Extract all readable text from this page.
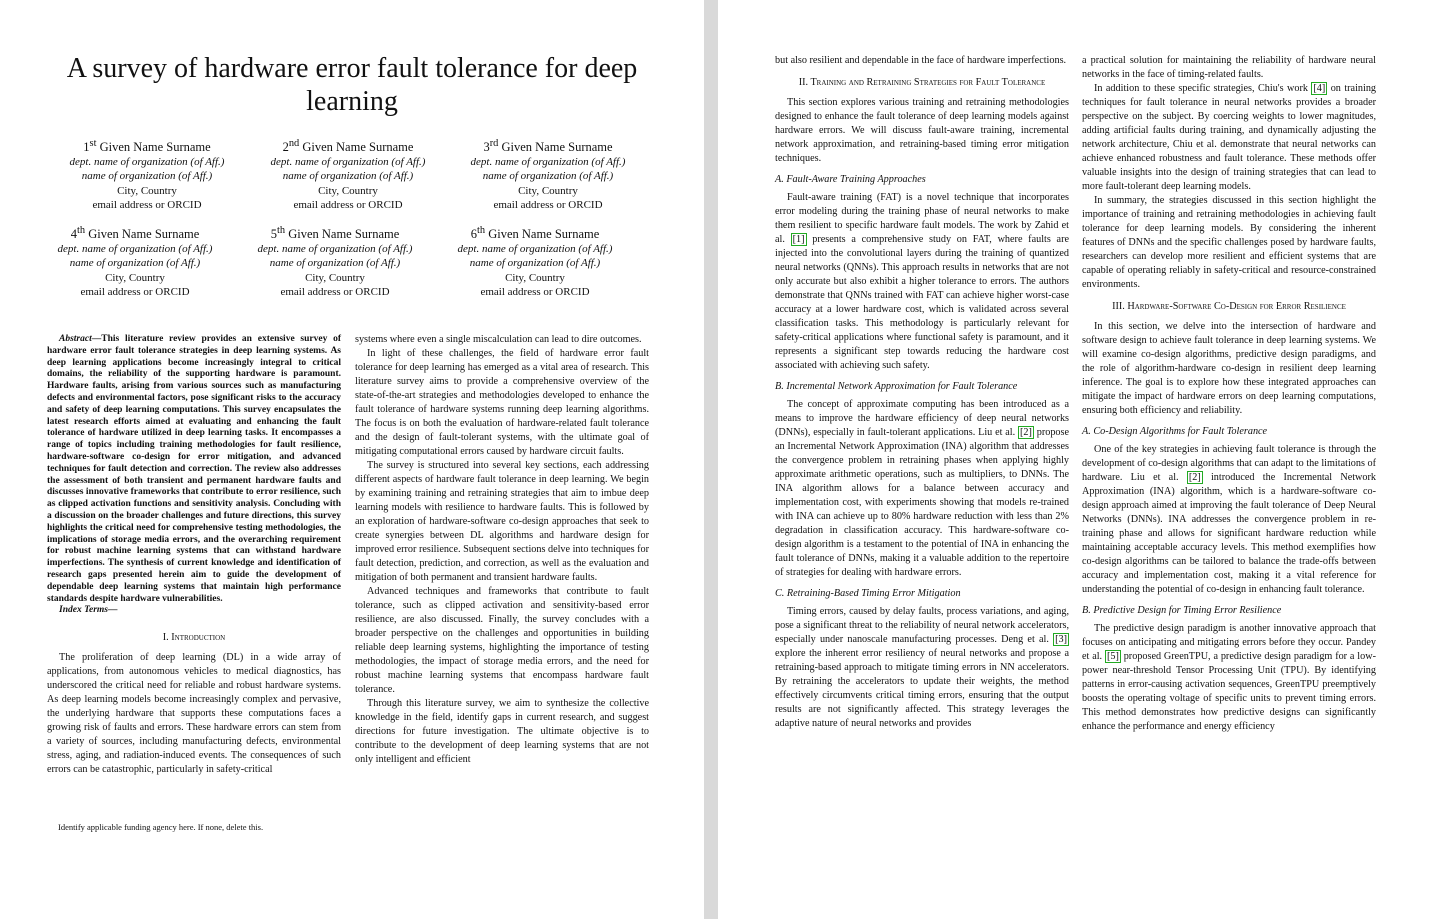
A survey of hardware error fault tolerance for deep learning
1st Given Name Surname
dept. name of organization (of Aff.)
name of organization (of Aff.)
City, Country
email address or ORCID
2nd Given Name Surname
dept. name of organization (of Aff.)
name of organization (of Aff.)
City, Country
email address or ORCID
3rd Given Name Surname
dept. name of organization (of Aff.)
name of organization (of Aff.)
City, Country
email address or ORCID
4th Given Name Surname
dept. name of organization (of Aff.)
name of organization (of Aff.)
City, Country
email address or ORCID
5th Given Name Surname
dept. name of organization (of Aff.)
name of organization (of Aff.)
City, Country
email address or ORCID
6th Given Name Surname
dept. name of organization (of Aff.)
name of organization (of Aff.)
City, Country
email address or ORCID

Abstract—This literature review provides an extensive survey of hardware error fault tolerance strategies in deep learning systems. As deep learning applications become increasingly integral to critical domains, the reliability of the supporting hardware is paramount. Hardware faults, arising from various sources such as manufacturing defects and environmental factors, pose significant risks to the accuracy and safety of deep learning computations. This survey encapsulates the latest research efforts aimed at evaluating and enhancing the fault tolerance of hardware utilized in deep learning tasks. It encompasses a range of topics including training methodologies for fault resilience, hardware-software co-design for error mitigation, and advanced techniques for fault detection and correction. The review also addresses the assessment of both transient and permanent hardware faults and discusses innovative frameworks that contribute to error resilience, such as clipped activation functions and sensitivity analysis. Concluding with a discussion on the broader challenges and future directions, this survey highlights the critical need for comprehensive testing methodologies, the implications of storage media errors, and the overarching requirement for robust machine learning systems that can withstand hardware imperfections. The synthesis of current knowledge and identification of research gaps presented herein aim to guide the development of dependable deep learning systems that maintain high performance standards despite hardware vulnerabilities.

Index Terms—

I. Introduction

The proliferation of deep learning (DL) in a wide array of applications, from autonomous vehicles to medical diagnostics, has underscored the critical need for reliable and robust hardware systems. As deep learning models become increasingly complex and pervasive, the underlying hardware that supports these computations faces a growing risk of faults and errors. These hardware errors can stem from a variety of sources, including manufacturing defects, environmental stress, aging, and radiation-induced events. The consequences of such errors can be catastrophic, particularly in safety-critical

Identify applicable funding agency here. If none, delete this.

systems where even a single miscalculation can lead to dire outcomes.

In light of these challenges, the field of hardware error fault tolerance for deep learning has emerged as a vital area of research. This literature survey aims to provide a comprehensive overview of the state-of-the-art strategies and methodologies developed to enhance the fault tolerance of hardware systems running deep learning algorithms. The focus is on both the evaluation of hardware-related fault tolerance and the design of fault-tolerant systems, with the ultimate goal of mitigating computational errors caused by hardware circuit faults.

The survey is structured into several key sections, each addressing different aspects of hardware fault tolerance in deep learning. We begin by examining training and retraining strategies that aim to imbue deep learning models with resilience to hardware faults. This is followed by an exploration of hardware-software co-design approaches that seek to create synergies between DL algorithms and hardware design for improved error resilience. Subsequent sections delve into techniques for fault detection, prediction, and correction, as well as the evaluation and mitigation of both permanent and transient hardware faults.

Advanced techniques and frameworks that contribute to fault tolerance, such as clipped activation and sensitivity-based error resilience, are also discussed. Finally, the survey concludes with a broader perspective on the challenges and opportunities in building reliable deep learning systems, highlighting the importance of testing methodologies, the impact of storage media errors, and the need for robust machine learning systems that encompass hardware fault tolerance.

Through this literature survey, we aim to synthesize the collective knowledge in the field, identify gaps in current research, and suggest directions for future investigation. The ultimate objective is to contribute to the development of deep learning systems that are not only intelligent and efficient

but also resilient and dependable in the face of hardware imperfections.

II. Training and Retraining Strategies for Fault Tolerance

This section explores various training and retraining methodologies designed to enhance the fault tolerance of deep learning models against hardware errors. We will discuss fault-aware training, incremental network approximation, and retraining-based timing error mitigation techniques.

A. Fault-Aware Training Approaches

Fault-aware training (FAT) is a novel technique that incorporates error modeling during the training phase of neural networks to make them resilient to specific hardware fault models. The work by Zahid et al. [1] presents a comprehensive study on FAT, where faults are injected into the convolutional layers during the training of quantized neural networks (QNNs). This approach results in networks that are not only accurate but also exhibit a higher tolerance to errors. The authors demonstrate that QNNs trained with FAT can achieve higher worst-case accuracy at a lower hardware cost, which is validated across several classification tasks. This methodology is particularly relevant for safety-critical applications where functional safety is paramount, and it represents a significant step towards reducing the hardware cost associated with achieving such safety.

B. Incremental Network Approximation for Fault Tolerance

The concept of approximate computing has been introduced as a means to improve the hardware efficiency of deep neural networks (DNNs), especially in fault-tolerant applications. Liu et al. [2] propose an Incremental Network Approximation (INA) algorithm that addresses the convergence problem in retraining phases when applying highly approximate arithmetic operations, such as multipliers, to DNNs. The INA algorithm allows for a balance between accuracy and implementation cost, with experiments showing that models re-trained with INA can achieve up to 80% hardware reduction with less than 2% degradation in classification accuracy. This hardware-software co-design algorithm is a testament to the potential of INA in enhancing the fault tolerance of DNNs, making it a valuable addition to the repertoire of strategies for dealing with hardware errors.

C. Retraining-Based Timing Error Mitigation

Timing errors, caused by delay faults, process variations, and aging, pose a significant threat to the reliability of neural network accelerators, especially under nanoscale manufacturing processes. Deng et al. [3] explore the inherent error resiliency of neural networks and propose a retraining-based approach to mitigate timing errors in NN accelerators. By retraining the accelerators to update their weights, the method effectively circumvents critical timing errors, ensuring that the output results are not significantly affected. This strategy leverages the adaptive nature of neural networks and provides

a practical solution for maintaining the reliability of hardware neural networks in the face of timing-related faults.

In addition to these specific strategies, Chiu's work [4] on training techniques for fault tolerance in neural networks provides a broader perspective on the subject. By coercing weights to lower magnitudes, adding artificial faults during training, and dynamically adjusting the network architecture, Chiu et al. demonstrate that neural networks can achieve enhanced robustness and fault tolerance. These methods offer valuable insights into the design of training strategies that can lead to more fault-tolerant deep learning models.

In summary, the strategies discussed in this section highlight the importance of training and retraining methodologies in achieving fault tolerance for deep learning models. By considering the inherent features of DNNs and the specific challenges posed by hardware faults, researchers can develop more resilient and efficient systems that are capable of operating reliably in safety-critical and resource-constrained environments.

III. Hardware-Software Co-Design for Error Resilience

In this section, we delve into the intersection of hardware and software design to achieve fault tolerance in deep learning systems. We will examine co-design algorithms, predictive design paradigms, and the role of algorithm-hardware co-design in resilient deep learning inference. The goal is to explore how these integrated approaches can mitigate the impact of hardware errors on deep learning computations, ensuring both efficiency and reliability.

A. Co-Design Algorithms for Fault Tolerance

One of the key strategies in achieving fault tolerance is through the development of co-design algorithms that can adapt to the limitations of hardware. Liu et al. [2] introduced the Incremental Network Approximation (INA) algorithm, which is a hardware-software co-design approach aimed at improving the fault tolerance of Deep Neural Networks (DNNs). INA addresses the convergence problem in re-training phase and allows for significant hardware reduction while maintaining acceptable accuracy levels. This method exemplifies how co-design algorithms can be tailored to balance the trade-offs between accuracy and implementation cost, making it a vital reference for understanding the potential of co-design in enhancing fault tolerance.

B. Predictive Design for Timing Error Resilience

The predictive design paradigm is another innovative approach that focuses on anticipating and mitigating errors before they occur. Pandey et al. [5] proposed GreenTPU, a predictive design paradigm for a low-power near-threshold Tensor Processing Unit (TPU). By identifying patterns in error-causing activation sequences, GreenTPU preemptively boosts the operating voltage of specific units to prevent timing errors. This method demonstrates how predictive designs can significantly enhance the performance and energy efficiency
